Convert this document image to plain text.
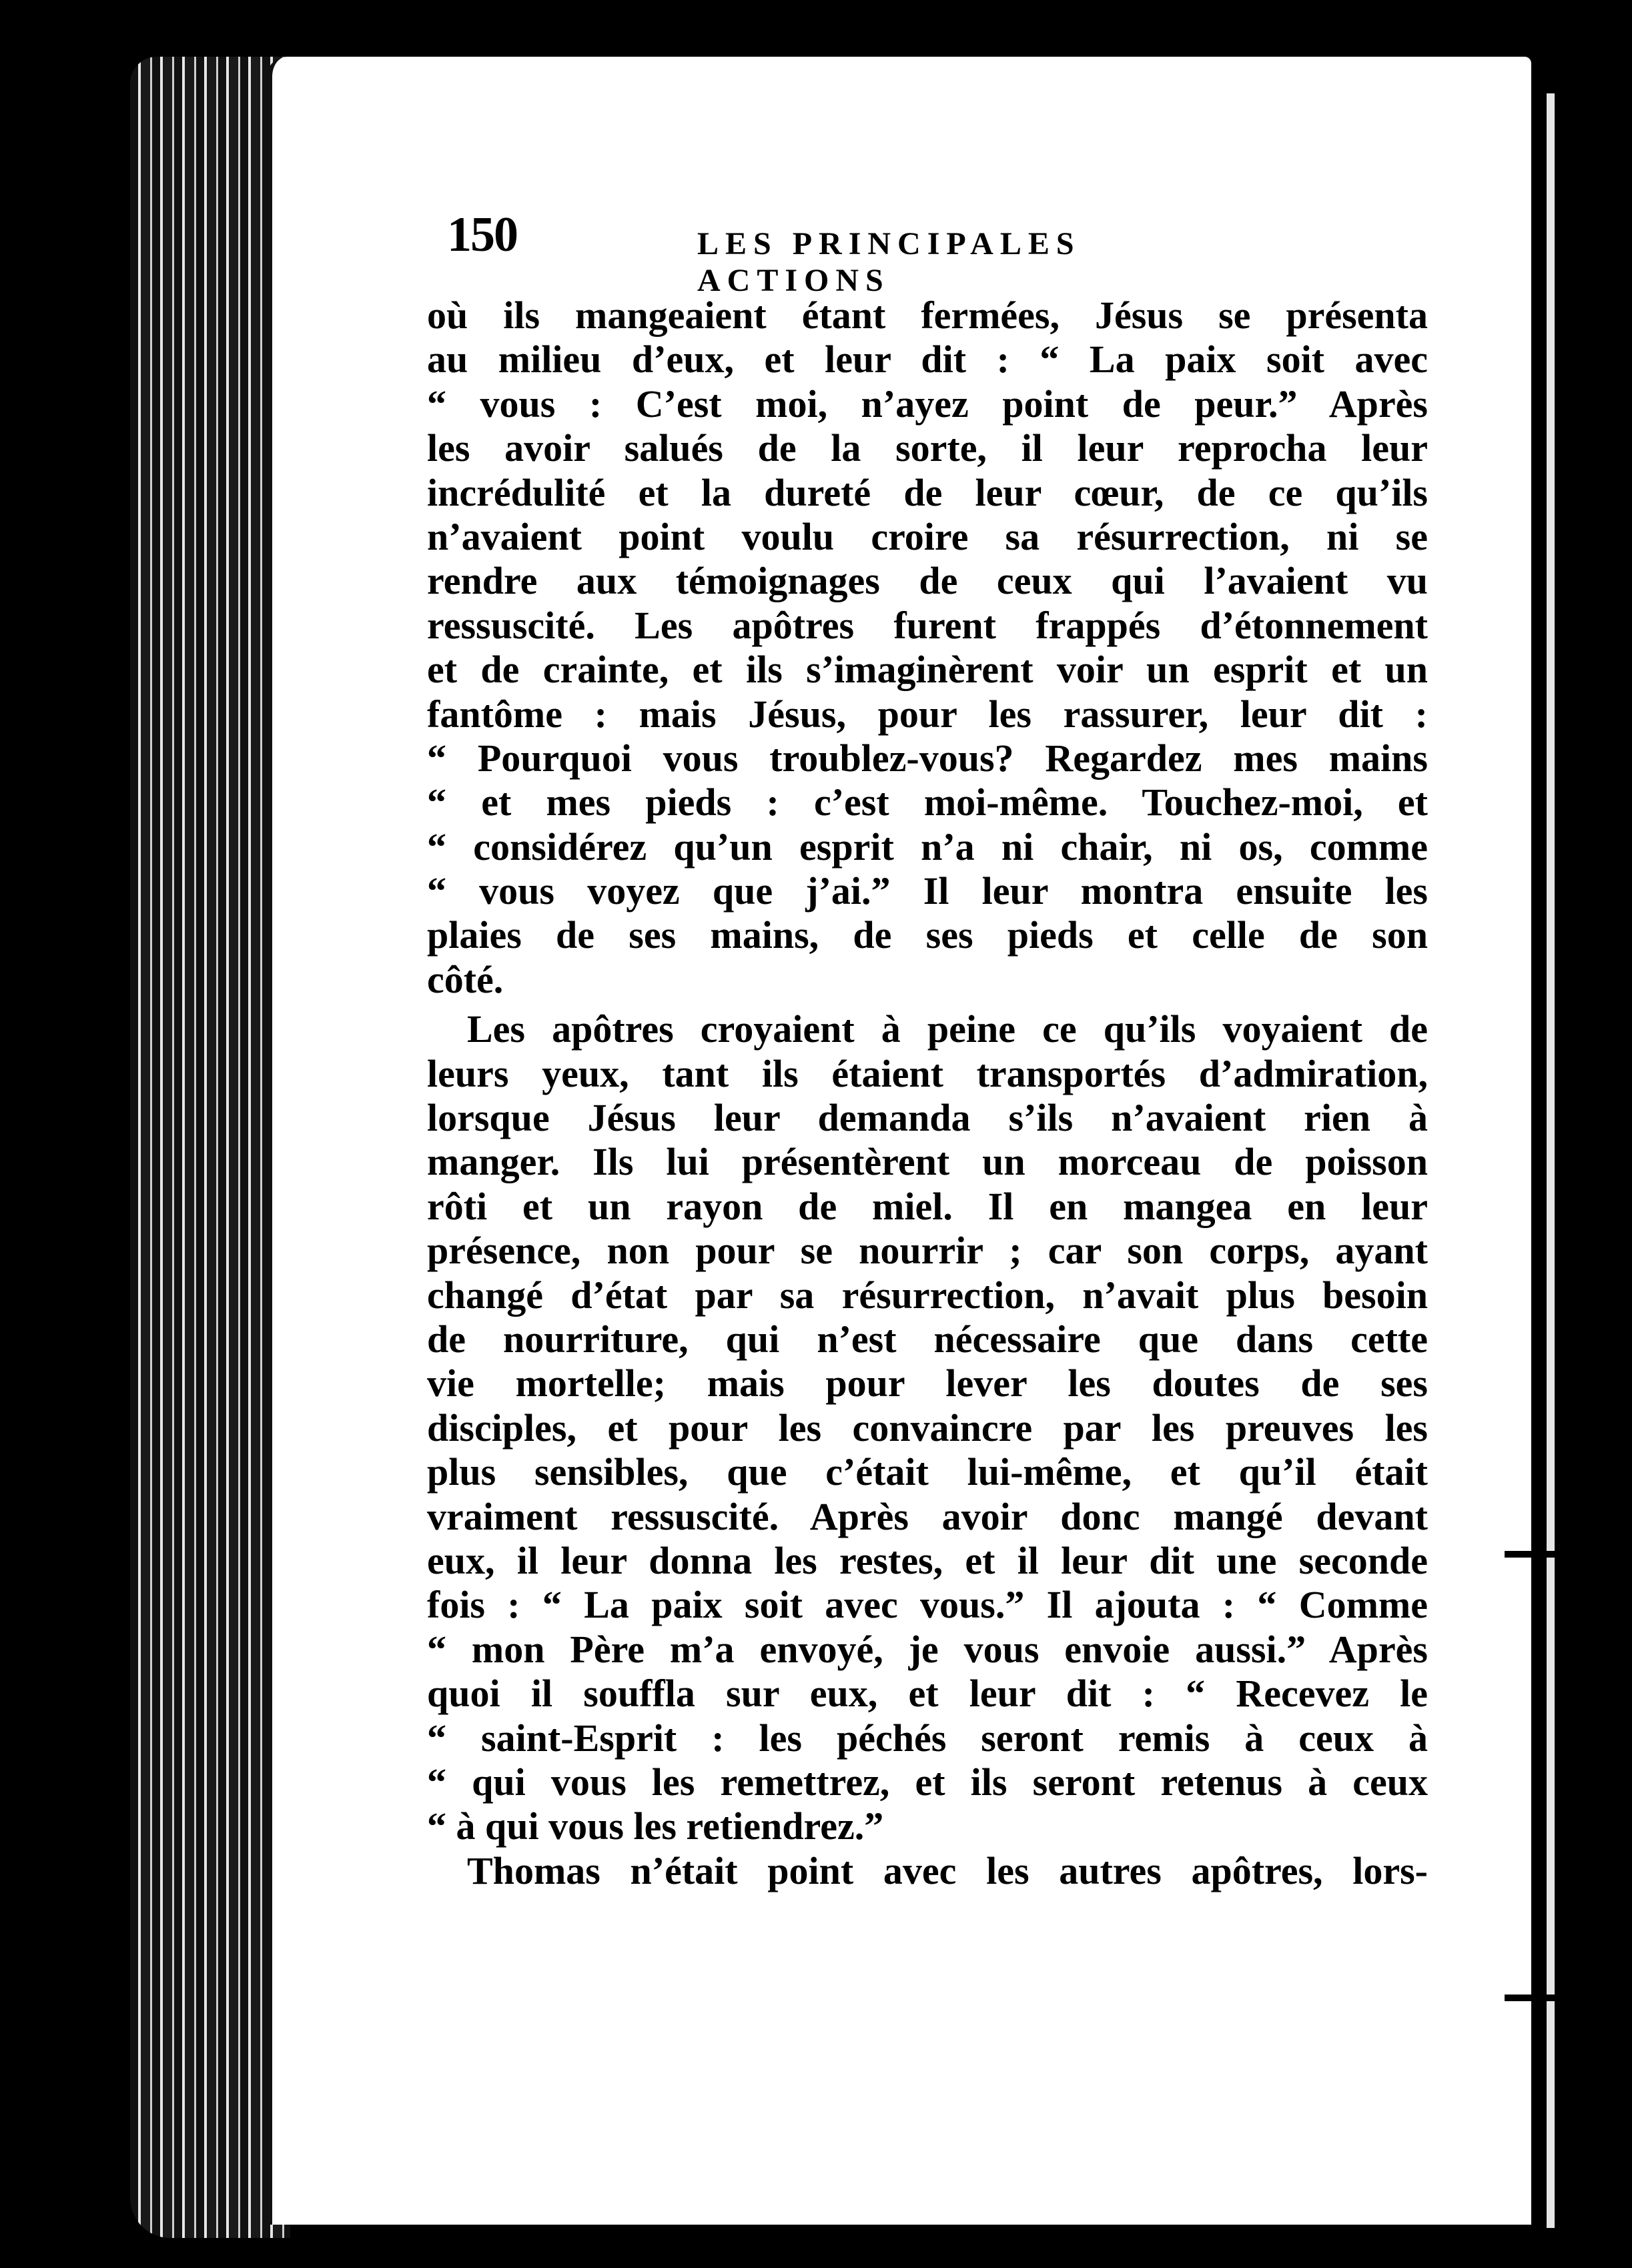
150	LES PRINCIPALES ACTIONS
où ils mangeaient étant fermées, Jésus se présenta
au milieu d’eux, et leur dit : “ La paix soit avec
“ vous : C’est moi, n’ayez point de peur.” Après
les avoir salués de la sorte, il leur reprocha leur
incrédulité et la dureté de leur cœur, de ce qu’ils
n’avaient point voulu croire sa résurrection, ni se
rendre aux témoignages de ceux qui l’avaient vu
ressuscité. Les apôtres furent frappés d’étonnement
et de crainte, et ils s’imaginèrent voir un esprit et un
fantôme : mais Jésus, pour les rassurer, leur dit :
“ Pourquoi vous troublez-vous? Regardez mes mains
“ et mes pieds : c’est moi-même. Touchez-moi, et
“ considérez qu’un esprit n’a ni chair, ni os, comme
“ vous voyez que j’ai.” Il leur montra ensuite les
plaies de ses mains, de ses pieds et celle de son
côté.
Les apôtres croyaient à peine ce qu’ils voyaient de
leurs yeux, tant ils étaient transportés d’admiration,
lorsque Jésus leur demanda s’ils n’avaient rien à
manger. Ils lui présentèrent un morceau de poisson
rôti et un rayon de miel. Il en mangea en leur
présence, non pour se nourrir ; car son corps, ayant
changé d’état par sa résurrection, n’avait plus besoin
de nourriture, qui n’est nécessaire que dans cette
vie mortelle; mais pour lever les doutes de ses
disciples, et pour les convaincre par les preuves les
plus sensibles, que c’était lui-même, et qu’il était
vraiment ressuscité. Après avoir donc mangé devant
eux, il leur donna les restes, et il leur dit une seconde
fois : “ La paix soit avec vous.” Il ajouta : “ Comme
“ mon Père m’a envoyé, je vous envoie aussi.” Après
quoi il souffla sur eux, et leur dit : “ Recevez le
“ saint-Esprit : les péchés seront remis à ceux à
“ qui vous les remettrez, et ils seront retenus à ceux
“ à qui vous les retiendrez.”
Thomas n’était point avec les autres apôtres, lors-
